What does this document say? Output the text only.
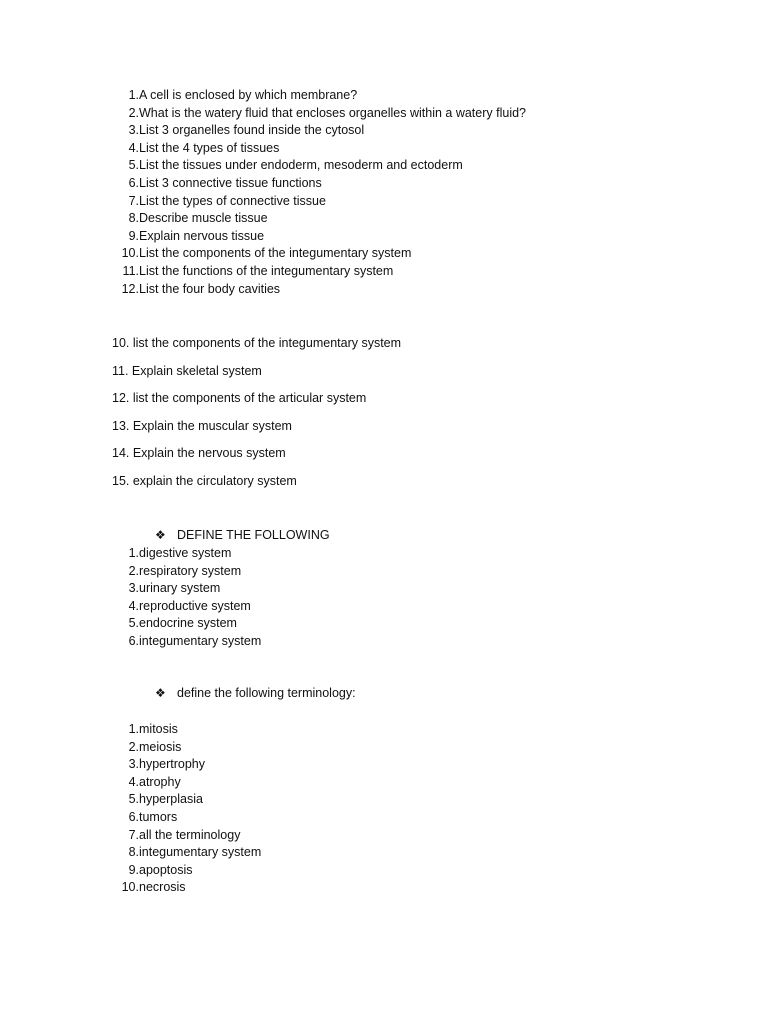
1. A cell is enclosed by which membrane?
2. What is the watery fluid that encloses organelles within a watery fluid?
3. List 3 organelles found inside the cytosol
4. List the 4 types of tissues
5. List the tissues under endoderm, mesoderm and ectoderm
6. List 3 connective tissue functions
7. List the types of connective tissue
8. Describe muscle tissue
9. Explain nervous tissue
10. List the components of the integumentary system
11. List the functions of the integumentary system
12. List the four body cavities
10. list the components of the integumentary system
11. Explain skeletal system
12. list the components of the articular system
13. Explain the muscular system
14. Explain the nervous system
15. explain the circulatory system
❖ DEFINE THE FOLLOWING
1. digestive system
2. respiratory system
3. urinary system
4. reproductive system
5. endocrine system
6. integumentary system
❖ define the following terminology:
1. mitosis
2. meiosis
3. hypertrophy
4. atrophy
5. hyperplasia
6. tumors
7. all the terminology
8. integumentary system
9. apoptosis
10. necrosis
